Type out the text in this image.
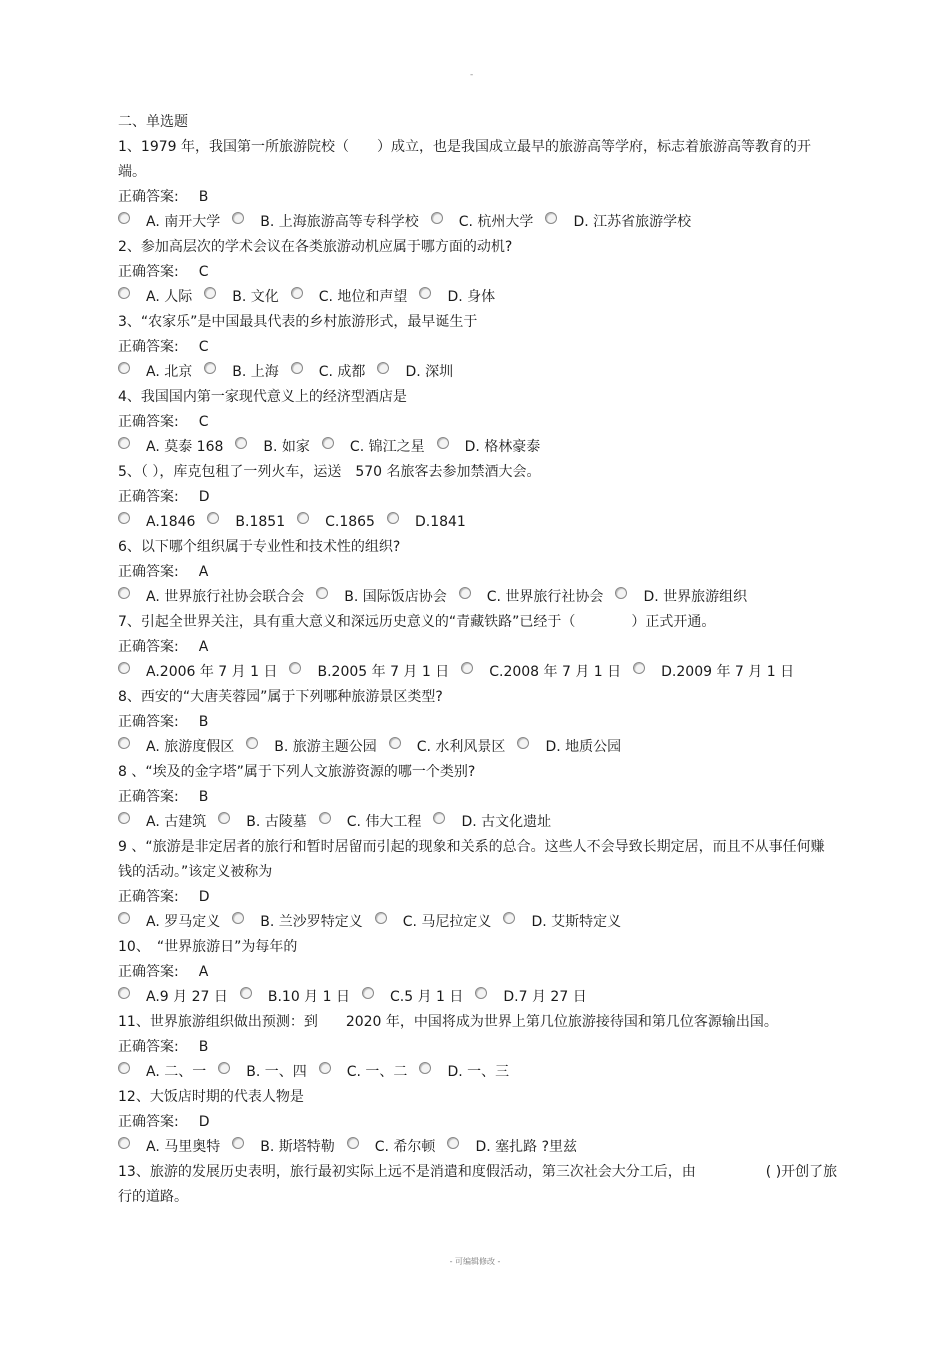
-
二、单选题
1、1979 年，我国第一所旅游院校（　　）成立，也是我国成立最早的旅游高等学府，标志着旅游高等教育的开端。
正确答案: B
A. 南开大学	B. 上海旅游高等专科学校	C. 杭州大学	D. 江苏省旅游学校
2、参加高层次的学术会议在各类旅游动机应属于哪方面的动机?
正确答案: C
A. 人际	B. 文化	C. 地位和声望	D. 身体
3、“农家乐”是中国最具代表的乡村旅游形式，最早诞生于
正确答案: C
A. 北京	B. 上海	C. 成都	D. 深圳
4、我国国内第一家现代意义上的经济型酒店是
正确答案: C
A. 莫泰 168	B. 如家	C. 锦江之星	D. 格林豪泰
5、（ ），库克包租了一列火车，运送　570 名旅客去参加禁酒大会。
正确答案: D
A.1846	B.1851	C.1865	D.1841
6、以下哪个组织属于专业性和技术性的组织?
正确答案: A
A. 世界旅行社协会联合会	B. 国际饭店协会	C. 世界旅行社协会	D. 世界旅游组织
7、引起全世界关注，具有重大意义和深远历史意义的“青藏铁路”已经于（　　　　）正式开通。
正确答案: A
A.2006 年 7 月 1 日	B.2005 年 7 月 1 日	C.2008 年 7 月 1 日	D.2009 年 7 月 1 日
8、西安的“大唐芙蓉园”属于下列哪种旅游景区类型?
正确答案: B
A. 旅游度假区	B. 旅游主题公园	C. 水利风景区	D. 地质公园
8 、“埃及的金字塔”属于下列人文旅游资源的哪一个类别?
正确答案: B
A. 古建筑	B. 古陵墓	C. 伟大工程	D. 古文化遗址
9 、“旅游是非定居者的旅行和暂时居留而引起的现象和关系的总合。这些人不会导致长期定居，而且不从事任何赚钱的活动。”该定义被称为
正确答案: D
A. 罗马定义	B. 兰沙罗特定义	C. 马尼拉定义	D. 艾斯特定义
10、　“世界旅游日”为每年的
正确答案: A
A.9 月 27 日	B.10 月 1 日	C.5 月 1 日	D.7 月 27 日
11、世界旅游组织做出预测：到　　2020 年，中国将成为世界上第几位旅游接待国和第几位客源输出国。
正确答案: B
A. 二、一	B. 一、四	C. 一、二	D. 一、三
12、大饭店时期的代表人物是
正确答案: D
A. 马里奥特	B. 斯塔特勒	C. 希尔顿	D. 塞扎路 ?里兹
13、旅游的发展历史表明，旅行最初实际上远不是消遣和度假活动，第三次社会大分工后，由　　　　　( )开创了旅行的道路。
- 可编辑修改 -
